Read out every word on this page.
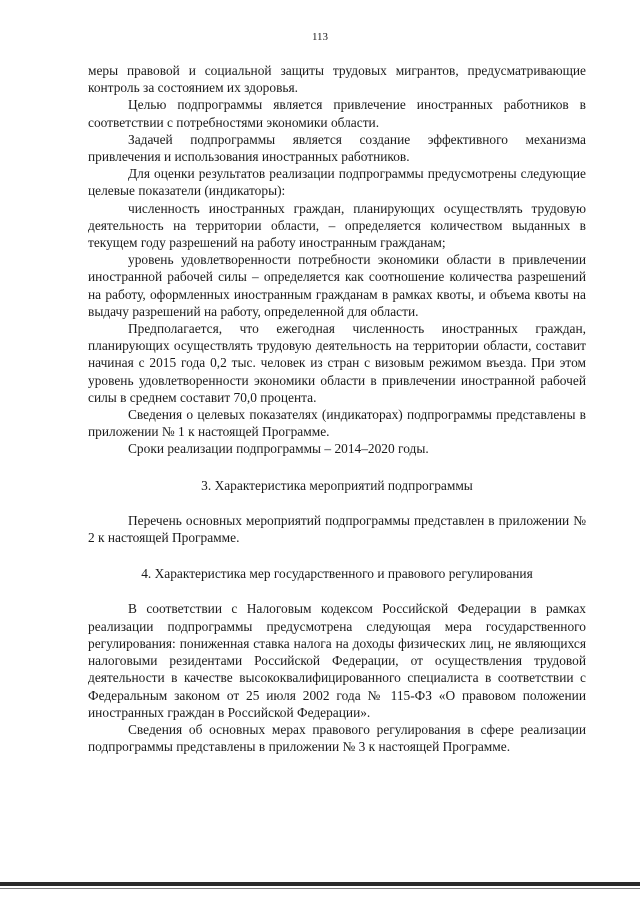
113

меры правовой и социальной защиты трудовых мигрантов, предусматривающие контроль за состоянием их здоровья.

Целью подпрограммы является привлечение иностранных работников в соответствии с потребностями экономики области.

Задачей подпрограммы является создание эффективного механизма привлечения и использования иностранных работников.

Для оценки результатов реализации подпрограммы предусмотрены следующие целевые показатели (индикаторы):

численность иностранных граждан, планирующих осуществлять трудовую деятельность на территории области, – определяется количеством выданных в текущем году разрешений на работу иностранным гражданам;

уровень удовлетворенности потребности экономики области в привлечении иностранной рабочей силы – определяется как соотношение количества разрешений на работу, оформленных иностранным гражданам в рамках квоты, и объема квоты на выдачу разрешений на работу, определенной для области.

Предполагается, что ежегодная численность иностранных граждан, планирующих осуществлять трудовую деятельность на территории области, составит начиная с 2015 года 0,2 тыс. человек из стран с визовым режимом въезда. При этом уровень удовлетворенности экономики области в привлечении иностранной рабочей силы в среднем составит 70,0 процента.

Сведения о целевых показателях (индикаторах) подпрограммы представлены в приложении № 1 к настоящей Программе.

Сроки реализации подпрограммы – 2014–2020 годы.

3. Характеристика мероприятий подпрограммы

Перечень основных мероприятий подпрограммы представлен в приложении № 2 к настоящей Программе.

4. Характеристика мер государственного и правового регулирования

В соответствии с Налоговым кодексом Российской Федерации в рамках реализации подпрограммы предусмотрена следующая мера государственного регулирования: пониженная ставка налога на доходы физических лиц, не являющихся налоговыми резидентами Российской Федерации, от осуществления трудовой деятельности в качестве высококвалифицированного специалиста в соответствии с Федеральным законом от 25 июля 2002 года № 115-ФЗ «О правовом положении иностранных граждан в Российской Федерации».

Сведения об основных мерах правового регулирования в сфере реализации подпрограммы представлены в приложении № 3 к настоящей Программе.
